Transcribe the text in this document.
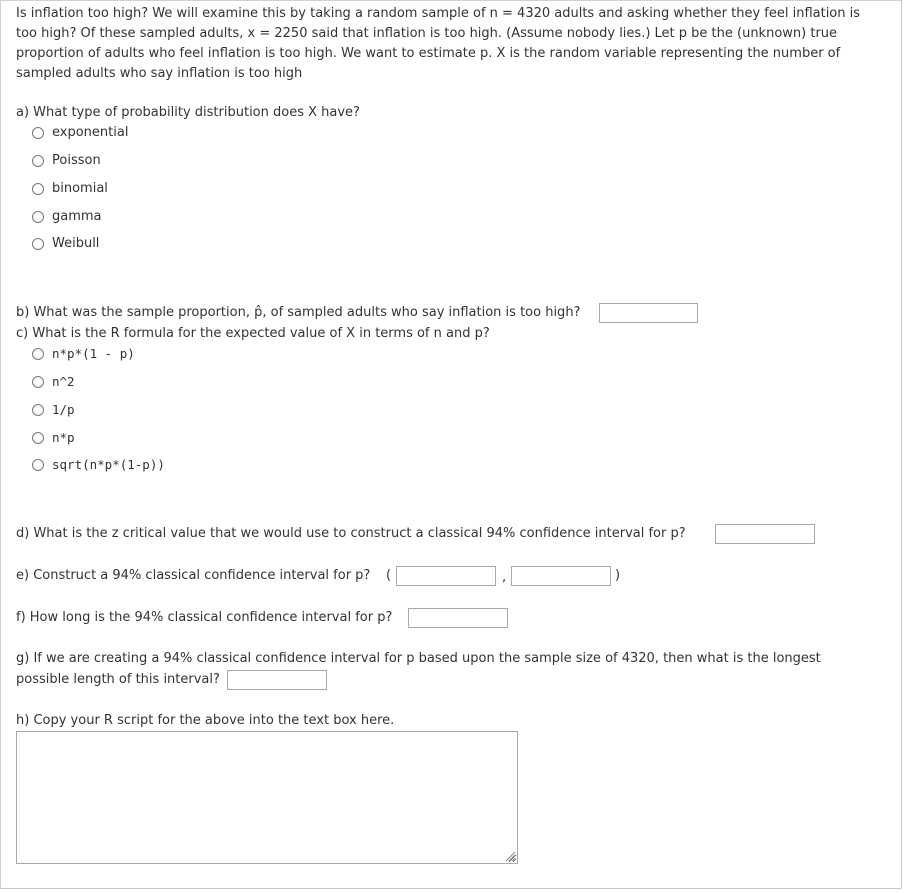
Is inflation too high? We will examine this by taking a random sample of n = 4320 adults and asking whether they feel inflation is too high? Of these sampled adults, x = 2250 said that inflation is too high. (Assume nobody lies.) Let p be the (unknown) true proportion of adults who feel inflation is too high. We want to estimate p. X is the random variable representing the number of sampled adults who say inflation is too high
a) What type of probability distribution does X have?
exponential
Poisson
binomial
gamma
Weibull
b) What was the sample proportion, p̂, of sampled adults who say inflation is too high?
c) What is the R formula for the expected value of X in terms of n and p?
n*p*(1 - p)
n^2
1/p
n*p
sqrt(n*p*(1-p))
d) What is the z critical value that we would use to construct a classical 94% confidence interval for p?
e) Construct a 94% classical confidence interval for p? (	,	)
f) How long is the 94% classical confidence interval for p?
g) If we are creating a 94% classical confidence interval for p based upon the sample size of 4320, then what is the longest
possible length of this interval?
h) Copy your R script for the above into the text box here.
